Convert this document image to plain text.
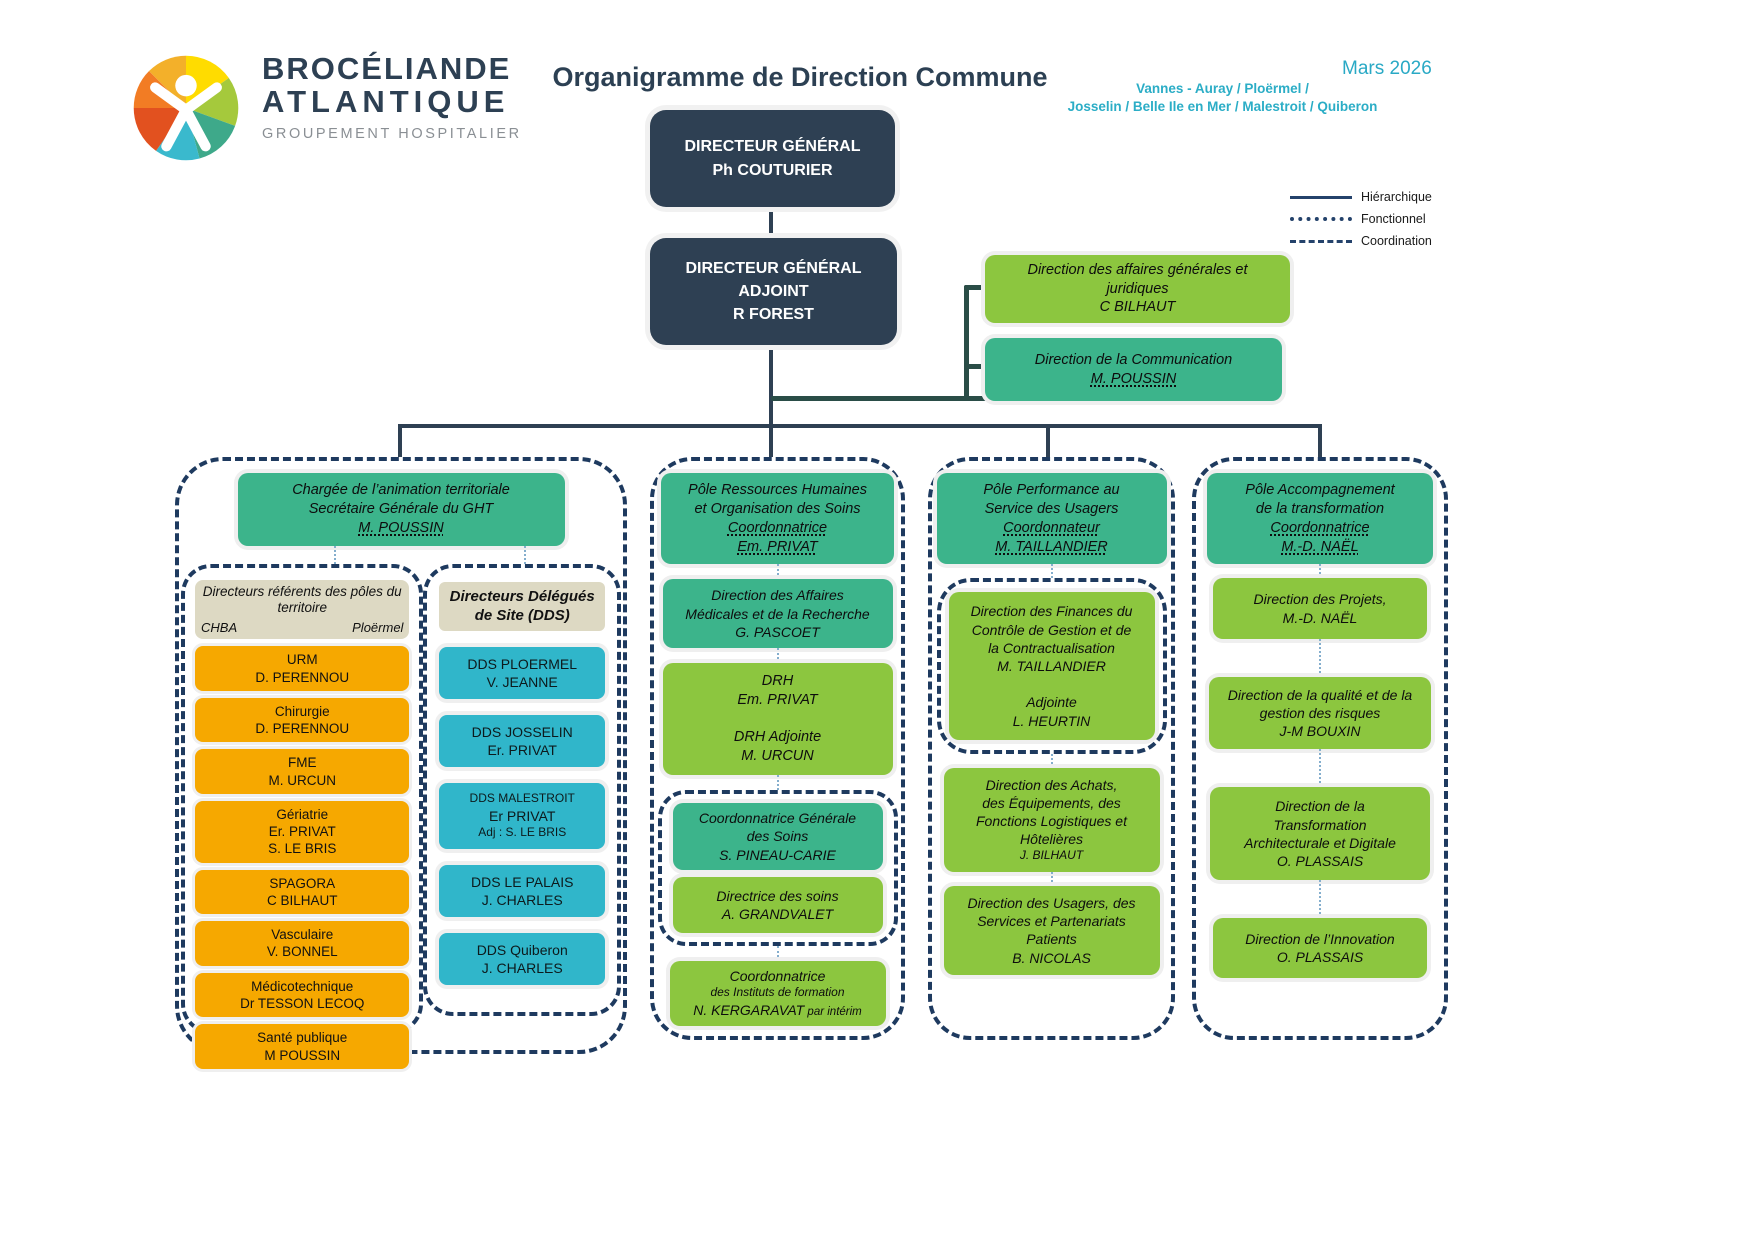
BROCÉLIANDE
ATLANTIQUE
GROUPEMENT HOSPITALIER
Organigramme de Direction Commune	Mars 2026
Vannes - Auray / Ploërmel /
Josselin / Belle Ile en Mer / Malestroit / Quiberon
Hiérarchique
Fonctionnel
Coordination
DIRECTEUR GÉNÉRAL
Ph COUTURIER
DIRECTEUR GÉNÉRAL
ADJOINT
R FOREST
Direction des affaires générales et juridiques
C BILHAUT
Direction de la Communication
M. POUSSIN
Chargée de l’animation territoriale
Secrétaire Générale du GHT
M. POUSSIN
Directeurs référents des pôles du territoire
CHBA	Ploërmel
URM
D. PERENNOU
Chirurgie
D. PERENNOU
FME
M. URCUN
Gériatrie
Er. PRIVAT
S. LE BRIS
SPAGORA
C BILHAUT
Vasculaire
V. BONNEL
Médicotechnique
Dr TESSON LECOQ
Santé publique
M POUSSIN
Directeurs Délégués de Site (DDS)
DDS PLOERMEL
V. JEANNE
DDS JOSSELIN
Er. PRIVAT
DDS MALESTROIT
Er PRIVAT
Adj : S. LE BRIS
DDS LE PALAIS
J. CHARLES
DDS Quiberon
J. CHARLES
Pôle Ressources Humaines
et Organisation des Soins
Coordonnatrice
Em. PRIVAT
Direction des Affaires
Médicales et de la Recherche
G. PASCOET
DRH
Em. PRIVAT

DRH Adjointe
M. URCUN
Coordonnatrice Générale
des Soins
S. PINEAU-CARIE
Directrice des soins
A. GRANDVALET
Coordonnatrice
des Instituts de formation
N. KERGARAVAT par intérim
Pôle Performance au
Service des Usagers
Coordonnateur
M. TAILLANDIER
Direction des Finances du
Contrôle de Gestion et de
la Contractualisation
M. TAILLANDIER

Adjointe
L. HEURTIN
Direction des Achats,
des Équipements, des
Fonctions Logistiques et
Hôtelières
J. BILHAUT
Direction des Usagers, des
Services et Partenariats
Patients
B. NICOLAS
Pôle Accompagnement
de la transformation
Coordonnatrice
M.-D. NAËL
Direction des Projets,
M.-D. NAËL
Direction de la qualité et de la
gestion des risques
J-M BOUXIN
Direction de la
Transformation
Architecturale et Digitale
O. PLASSAIS
Direction de l’Innovation
O. PLASSAIS
